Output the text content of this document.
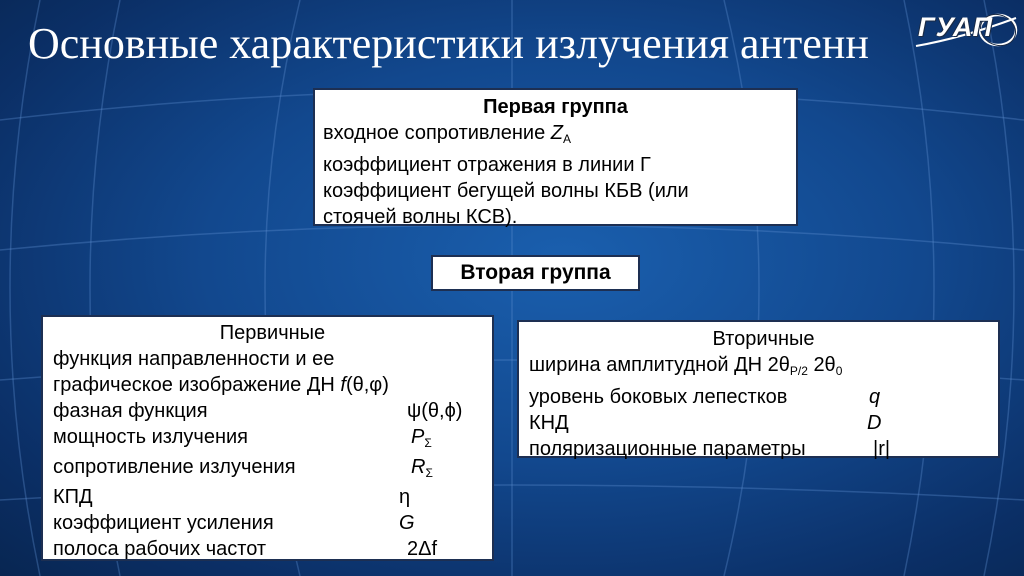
Основные характеристики излучения антенн ГУАП
Первая группа
входное сопротивление $Z_A$
коэффициент отражения в линии Г
коэффициент бегущей волны КБВ (или
стоячей волны КСВ).
Вторая группа
Первичные
функция направленности и ее
графическое изображение ДН f(θ,φ)
фазная функция	ψ(θ,ϕ)
мощность излучения	$P_\Sigma$
сопротивление излучения	$R_\Sigma$
КПД	η
коэффициент усиления	G
полоса рабочих частот	2Δf
Вторичные
ширина амплитудной ДН $2\theta_{P/2}$ $2\theta_0$
уровень боковых лепестков	q
КНД	D
поляризационные параметры	|r|
